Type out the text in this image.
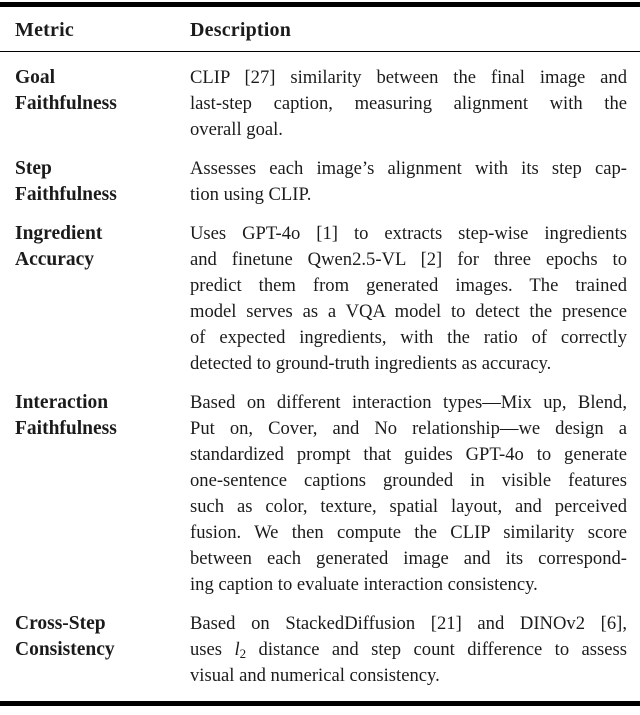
Metric	Description
Goal
Faithfulness
CLIP [27] similarity between the final image and
last-step caption, measuring alignment with the
overall goal.
Step
Faithfulness
Assesses each image’s alignment with its step cap-
tion using CLIP.
Ingredient
Accuracy
Uses GPT-4o [1] to extracts step-wise ingredients
and finetune Qwen2.5-VL [2] for three epochs to
predict them from generated images. The trained
model serves as a VQA model to detect the presence
of expected ingredients, with the ratio of correctly
detected to ground-truth ingredients as accuracy.
Interaction
Faithfulness
Based on different interaction types—Mix up, Blend,
Put on, Cover, and No relationship—we design a
standardized prompt that guides GPT-4o to generate
one-sentence captions grounded in visible features
such as color, texture, spatial layout, and perceived
fusion. We then compute the CLIP similarity score
between each generated image and its correspond-
ing caption to evaluate interaction consistency.
Cross-Step
Consistency
Based on StackedDiffusion [21] and DINOv2 [6],
uses $l_2$ distance and step count difference to assess
visual and numerical consistency.
